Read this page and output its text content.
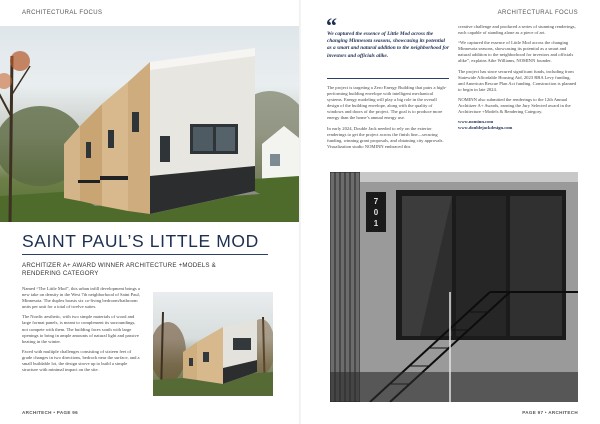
ARCHITECTURAL FOCUS	ARCHITECTURAL FOCUS
SAINT PAUL’S LITTLE MOD
ARCHITIZER A+ AWARD WINNER ARCHITECTURE +MODELS & RENDERING CATEGORY

Named “The Little Mod”, this urban infill development brings a new take on density in the West 7th neighborhood of Saint Paul, Minnesota. The duplex boasts six co-living bedroom/bathroom units per unit for a total of twelve suites.

The Nordic aesthetic, with two simple materials of wood and large format panels, is meant to complement its surroundings, not compete with them. The building faces south with large openings to bring in ample amounts of natural light and passive heating in the winter.

Faced with multiple challenges consisting of sixteen feet of grade changes in two directions, bedrock near the surface, and a small buildable lot, the design strove up to build a simple structure with minimal impact on the site.

“
We captured the essence of Little Mod across the changing Minnesota seasons, showcasing its potential as a smart and natural addition to the neighborhood for investors and officials alike.

The project is targeting a Zero Energy Building that pairs a high-performing building envelope with intelligent mechanical systems. Energy modeling will play a big role in the overall design of the building envelope, along with the quality of windows and doors of the project. The goal is to produce more energy than the home’s annual energy use.

In early 2024, Double Jack needed to rely on the exterior renderings to get the project across the finish line—securing funding, winning grant proposals, and obtaining city approvals. Visualization studio NOMINN embraced this

creative challenge and produced a series of stunning renderings, each capable of standing alone as a piece of art.

“We captured the essence of Little Mod across the changing Minnesota seasons, showcasing its potential as a smart and natural addition to the neighborhood for investors and officials alike”, explains Aihe Williams, NOMINN founder.

The project has since secured significant funds, including from Statewide Affordable Housing Aid, 2023 RBA Levy funding, and American Rescue Plan Act funding. Construction is planned to begin in late 2024.

NOMINN also submitted the renderings to the 12th Annual Architizer A+ Awards, earning the Jury Selected award in the Architecture +Models & Rendering Category.

www.nominn.com
www.doublejackdesign.com
7
0
1
ARCHITECH • PAGE 96	PAGE 97 • ARCHITECH
